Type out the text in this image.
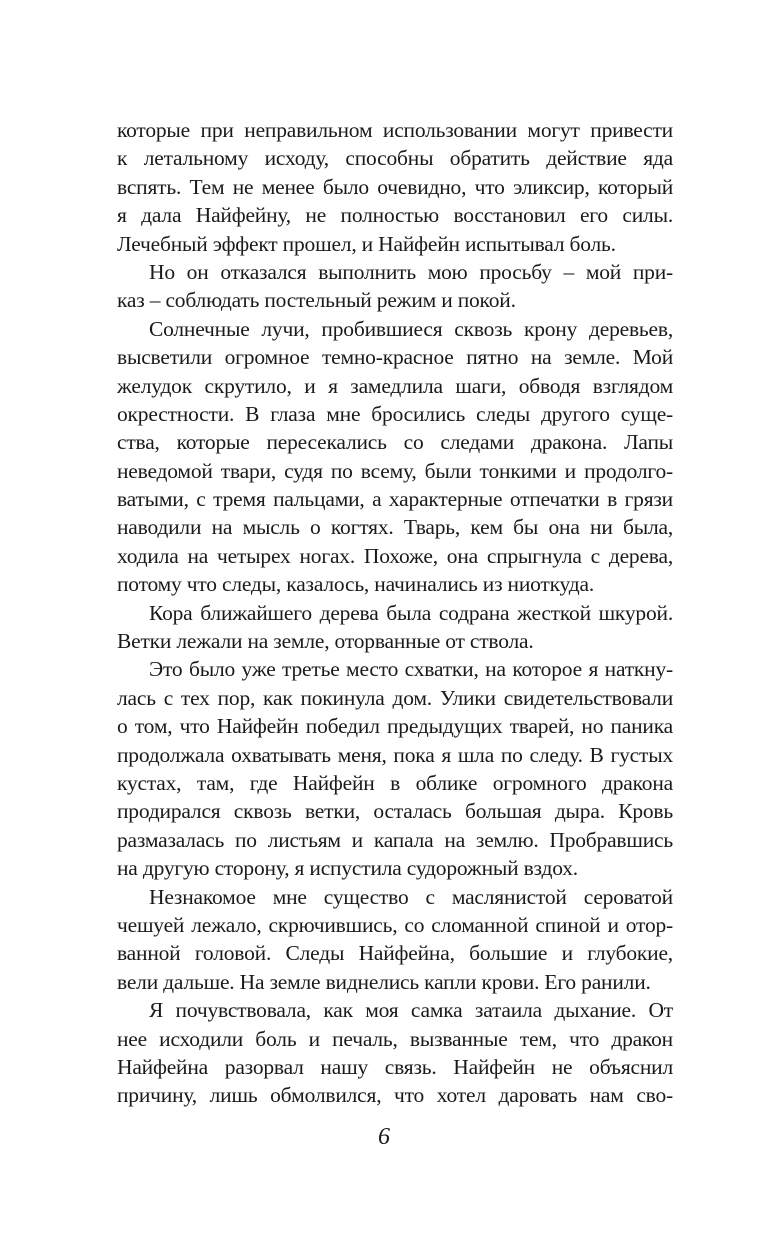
которые при неправильном использовании могут привести
к летальному исходу, способны обратить действие яда
вспять. Тем не менее было очевидно, что эликсир, который
я дала Найфейну, не полностью восстановил его силы.
Лечебный эффект прошел, и Найфейн испытывал боль.
Но он отказался выполнить мою просьбу – мой при-
каз – соблюдать постельный режим и покой.
Солнечные лучи, пробившиеся сквозь крону деревьев,
высветили огромное темно-красное пятно на земле. Мой
желудок скрутило, и я замедлила шаги, обводя взглядом
окрестности. В глаза мне бросились следы другого суще-
ства, которые пересекались со следами дракона. Лапы
неведомой твари, судя по всему, были тонкими и продолго-
ватыми, с тремя пальцами, а характерные отпечатки в грязи
наводили на мысль о когтях. Тварь, кем бы она ни была,
ходила на четырех ногах. Похоже, она спрыгнула с дерева,
потому что следы, казалось, начинались из ниоткуда.
Кора ближайшего дерева была содрана жесткой шкурой.
Ветки лежали на земле, оторванные от ствола.
Это было уже третье место схватки, на которое я наткну-
лась с тех пор, как покинула дом. Улики свидетельствовали
о том, что Найфейн победил предыдущих тварей, но паника
продолжала охватывать меня, пока я шла по следу. В густых
кустах, там, где Найфейн в облике огромного дракона
продирался сквозь ветки, осталась большая дыра. Кровь
размазалась по листьям и капала на землю. Пробравшись
на другую сторону, я испустила судорожный вздох.
Незнакомое мне существо с маслянистой сероватой
чешуей лежало, скрючившись, со сломанной спиной и отор-
ванной головой. Следы Найфейна, большие и глубокие,
вели дальше. На земле виднелись капли крови. Его ранили.
Я почувствовала, как моя самка затаила дыхание. От
нее исходили боль и печаль, вызванные тем, что дракон
Найфейна разорвал нашу связь. Найфейн не объяснил
причину, лишь обмолвился, что хотел даровать нам сво-
6
